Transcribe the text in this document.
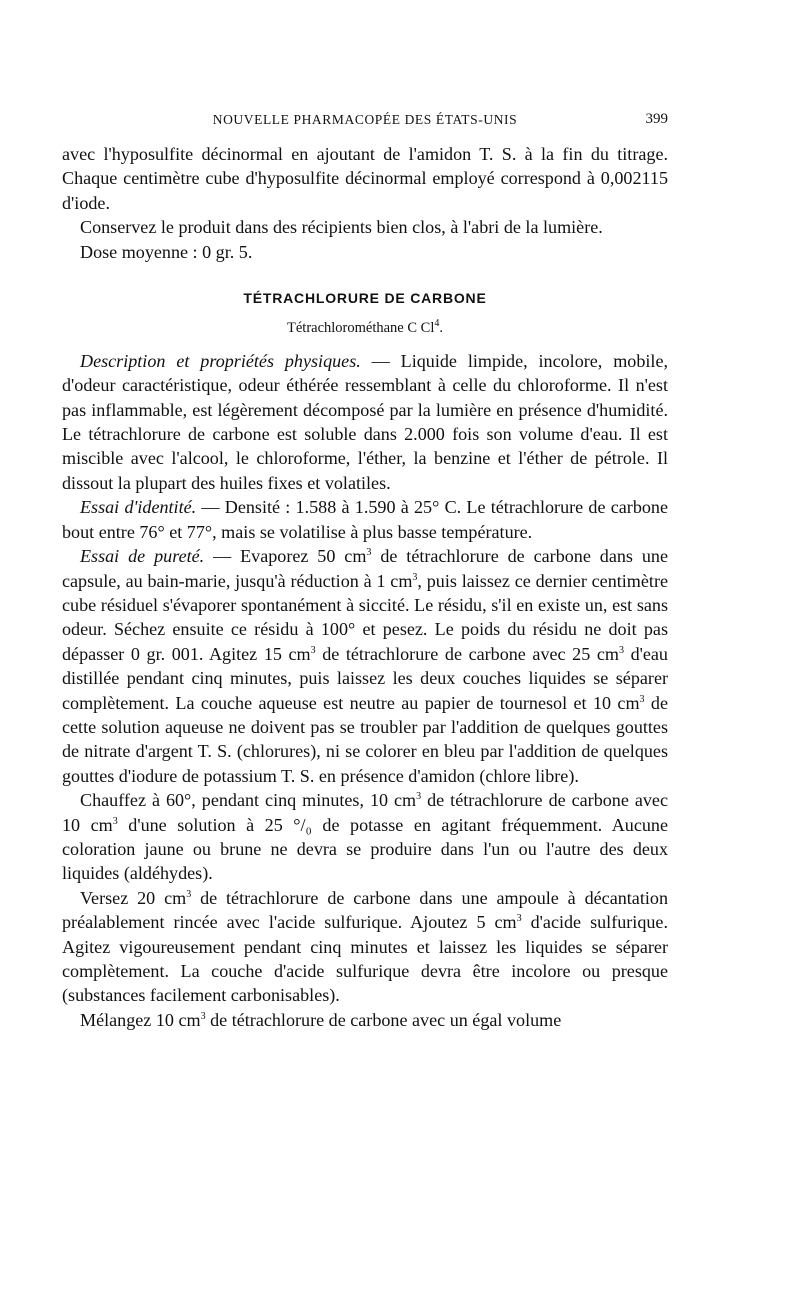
NOUVELLE PHARMACOPÉE DES ÉTATS-UNIS	399

avec l'hyposulfite décinormal en ajoutant de l'amidon T. S. à la fin du titrage. Chaque centimètre cube d'hyposulfite décinormal employé correspond à 0,002115 d'iode.

Conservez le produit dans des récipients bien clos, à l'abri de la lumière.

Dose moyenne : 0 gr. 5.

TÉTRACHLORURE DE CARBONE
Tétrachlorométhane C Cl$^4$.

Description et propriétés physiques. — Liquide limpide, incolore, mobile, d'odeur caractéristique, odeur éthérée ressemblant à celle du chloroforme. Il n'est pas inflammable, est légèrement décomposé par la lumière en présence d'humidité. Le tétrachlorure de carbone est soluble dans 2.000 fois son volume d'eau. Il est miscible avec l'alcool, le chloroforme, l'éther, la benzine et l'éther de pétrole. Il dissout la plupart des huiles fixes et volatiles.

Essai d'identité. — Densité : 1.588 à 1.590 à 25° C. Le tétrachlorure de carbone bout entre 76° et 77°, mais se volatilise à plus basse température.

Essai de pureté. — Evaporez 50 $cm^3$ de tétrachlorure de carbone dans une capsule, au bain-marie, jusqu'à réduction à 1 $cm^3$, puis laissez ce dernier centimètre cube résiduel s'évaporer spontanément à siccité. Le résidu, s'il en existe un, est sans odeur. Séchez ensuite ce résidu à 100° et pesez. Le poids du résidu ne doit pas dépasser 0 gr. 001. Agitez 15 $cm^3$ de tétrachlorure de carbone avec 25 $cm^3$ d'eau distillée pendant cinq minutes, puis laissez les deux couches liquides se séparer complètement. La couche aqueuse est neutre au papier de tournesol et 10 $cm^3$ de cette solution aqueuse ne doivent pas se troubler par l'addition de quelques gouttes de nitrate d'argent T. S. (chlorures), ni se colorer en bleu par l'addition de quelques gouttes d'iodure de potassium T. S. en présence d'amidon (chlore libre).

Chauffez à 60°, pendant cinq minutes, 10 $cm^3$ de tétrachlorure de carbone avec 10 $cm^3$ d'une solution à 25 °/₀ de potasse en agitant fréquemment. Aucune coloration jaune ou brune ne devra se produire dans l'un ou l'autre des deux liquides (aldéhydes).

Versez 20 $cm^3$ de tétrachlorure de carbone dans une ampoule à décantation préalablement rincée avec l'acide sulfurique. Ajoutez 5 $cm^3$ d'acide sulfurique. Agitez vigoureusement pendant cinq minutes et laissez les liquides se séparer complètement. La couche d'acide sulfurique devra être incolore ou presque (substances facilement carbonisables).

Mélangez 10 $cm^3$ de tétrachlorure de carbone avec un égal volume
